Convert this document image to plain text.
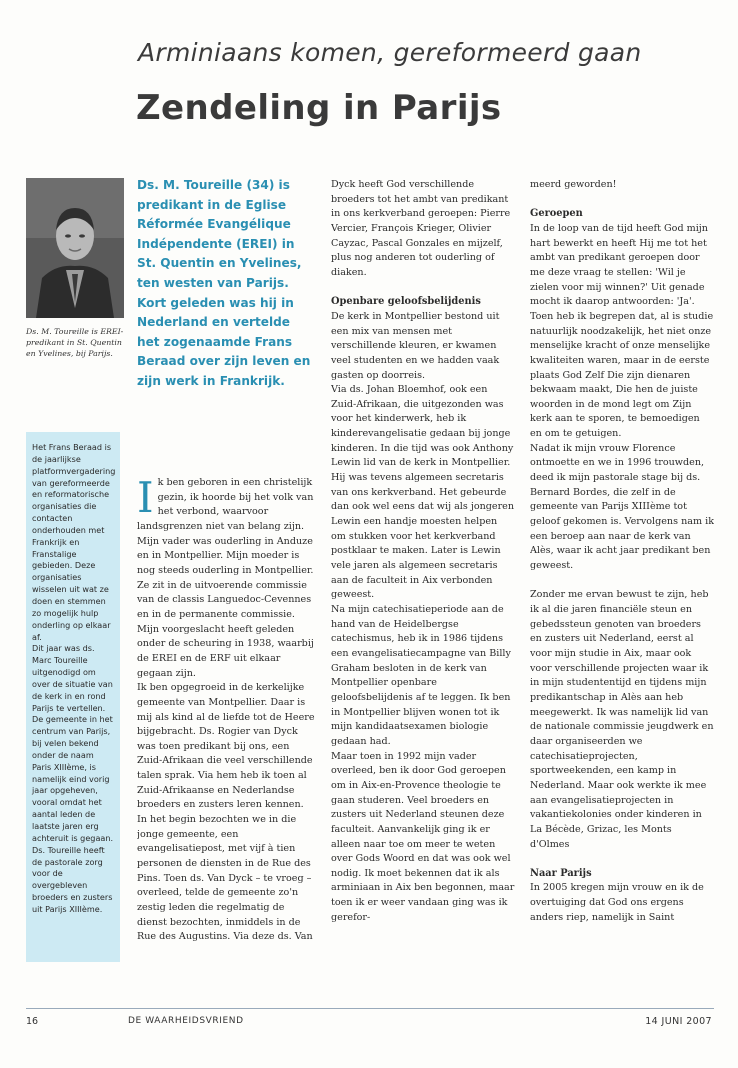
Arminiaans komen, gereformeerd gaan
Zendeling in Parijs

Ds. M. Toureille is EREI-predikant in St. Quentin en Yvelines, bij Parijs.

Het Frans Beraad is de jaarlijkse platformvergadering van gereformeerde en reformatorische organisaties die contacten onderhouden met Frankrijk en Franstalige gebieden. Deze organisaties wisselen uit wat ze doen en stemmen zo mogelijk hulp onderling op elkaar af.

Dit jaar was ds. Marc Toureille uitgenodigd om over de situatie van de kerk in en rond Parijs te vertellen. De gemeente in het centrum van Parijs, bij velen bekend onder de naam Paris XIIIème, is namelijk eind vorig jaar opgeheven, vooral omdat het aantal leden de laatste jaren erg achteruit is gegaan. Ds. Toureille heeft de pastorale zorg voor de overgebleven broeders en zusters uit Parijs XIIIème.

Ds. M. Toureille (34) is predikant in de Eglise Réformée Evangélique Indépendente (EREI) in St. Quentin en Yvelines, ten westen van Parijs. Kort geleden was hij in Nederland en vertelde het zogenaamde Frans Beraad over zijn leven en zijn werk in Frankrijk.

Ik ben geboren in een christelijk gezin, ik hoorde bij het volk van het verbond, waarvoor landsgrenzen niet van belang zijn. Mijn vader was ouderling in Anduze en in Montpellier. Mijn moeder is nog steeds ouderling in Montpellier. Ze zit in de uitvoerende commissie van de classis Languedoc-Cevennes en in de permanente commissie.

Mijn voorgeslacht heeft geleden onder de scheuring in 1938, waarbij de EREI en de ERF uit elkaar gegaan zijn.

Ik ben opgegroeid in de kerkelijke gemeente van Montpellier. Daar is mij als kind al de liefde tot de Heere bijgebracht. Ds. Rogier van Dyck was toen predikant bij ons, een Zuid-Afrikaan die veel verschillende talen sprak. Via hem heb ik toen al Zuid-Afrikaanse en Nederlandse broeders en zusters leren kennen.

In het begin bezochten we in die jonge gemeente, een evangelisatiepost, met vijf à tien personen de diensten in de Rue des Pins. Toen ds. Van Dyck – te vroeg – overleed, telde de gemeente zo'n zestig leden die regelmatig de dienst bezochten, inmiddels in de Rue des Augustins. Via deze ds. Van

Dyck heeft God verschillende broeders tot het ambt van predikant in ons kerkverband geroepen: Pierre Vercier, François Krieger, Olivier Cayzac, Pascal Gonzales en mijzelf, plus nog anderen tot ouderling of diaken.

Openbare geloofsbelijdenis

De kerk in Montpellier bestond uit een mix van mensen met verschillende kleuren, er kwamen veel studenten en we hadden vaak gasten op doorreis.

Via ds. Johan Bloemhof, ook een Zuid-Afrikaan, die uitgezonden was voor het kinderwerk, heb ik kinderevangelisatie gedaan bij jonge kinderen. In die tijd was ook Anthony Lewin lid van de kerk in Montpellier. Hij was tevens algemeen secretaris van ons kerkverband. Het gebeurde dan ook wel eens dat wij als jongeren Lewin een handje moesten helpen om stukken voor het kerkverband postklaar te maken. Later is Lewin vele jaren als algemeen secretaris aan de faculteit in Aix verbonden geweest.

Na mijn catechisatieperiode aan de hand van de Heidelbergse catechismus, heb ik in 1986 tijdens een evangelisatiecampagne van Billy Graham besloten in de kerk van Montpellier openbare geloofsbelijdenis af te leggen. Ik ben in Montpellier blijven wonen tot ik mijn kandidaatsexamen biologie gedaan had.

Maar toen in 1992 mijn vader overleed, ben ik door God geroepen om in Aix-en-Provence theologie te gaan studeren. Veel broeders en zusters uit Nederland steunen deze faculteit. Aanvankelijk ging ik er alleen naar toe om meer te weten over Gods Woord en dat was ook wel nodig. Ik moet bekennen dat ik als arminiaan in Aix ben begonnen, maar toen ik er weer vandaan ging was ik gerefor-

meerd geworden!

Geroepen

In de loop van de tijd heeft God mijn hart bewerkt en heeft Hij me tot het ambt van predikant geroepen door me deze vraag te stellen: 'Wil je zielen voor mij winnen?' Uit genade mocht ik daarop antwoorden: 'Ja'. Toen heb ik begrepen dat, al is studie natuurlijk noodzakelijk, het niet onze menselijke kracht of onze menselijke kwaliteiten waren, maar in de eerste plaats God Zelf Die zijn dienaren bekwaam maakt, Die hen de juiste woorden in de mond legt om Zijn kerk aan te sporen, te bemoedigen en om te getuigen.

Nadat ik mijn vrouw Florence ontmoette en we in 1996 trouwden, deed ik mijn pastorale stage bij ds. Bernard Bordes, die zelf in de gemeente van Parijs XIIIème tot geloof gekomen is. Vervolgens nam ik een beroep aan naar de kerk van Alès, waar ik acht jaar predikant ben geweest.

Zonder me ervan bewust te zijn, heb ik al die jaren financiële steun en gebedssteun genoten van broeders en zusters uit Nederland, eerst al voor mijn studie in Aix, maar ook voor verschillende projecten waar ik in mijn studententijd en tijdens mijn predikantschap in Alès aan heb meegewerkt. Ik was namelijk lid van de nationale commissie jeugdwerk en daar organiseerden we catechisatieprojecten, sportweekenden, een kamp in Nederland. Maar ook werkte ik mee aan evangelisatieprojecten in vakantiekolonies onder kinderen in La Bécède, Grizac, les Monts d'Olmes

Naar Parijs

In 2005 kregen mijn vrouw en ik de overtuiging dat God ons ergens anders riep, namelijk in Saint

16	DE WAARHEIDSVRIEND	14 JUNI 2007
